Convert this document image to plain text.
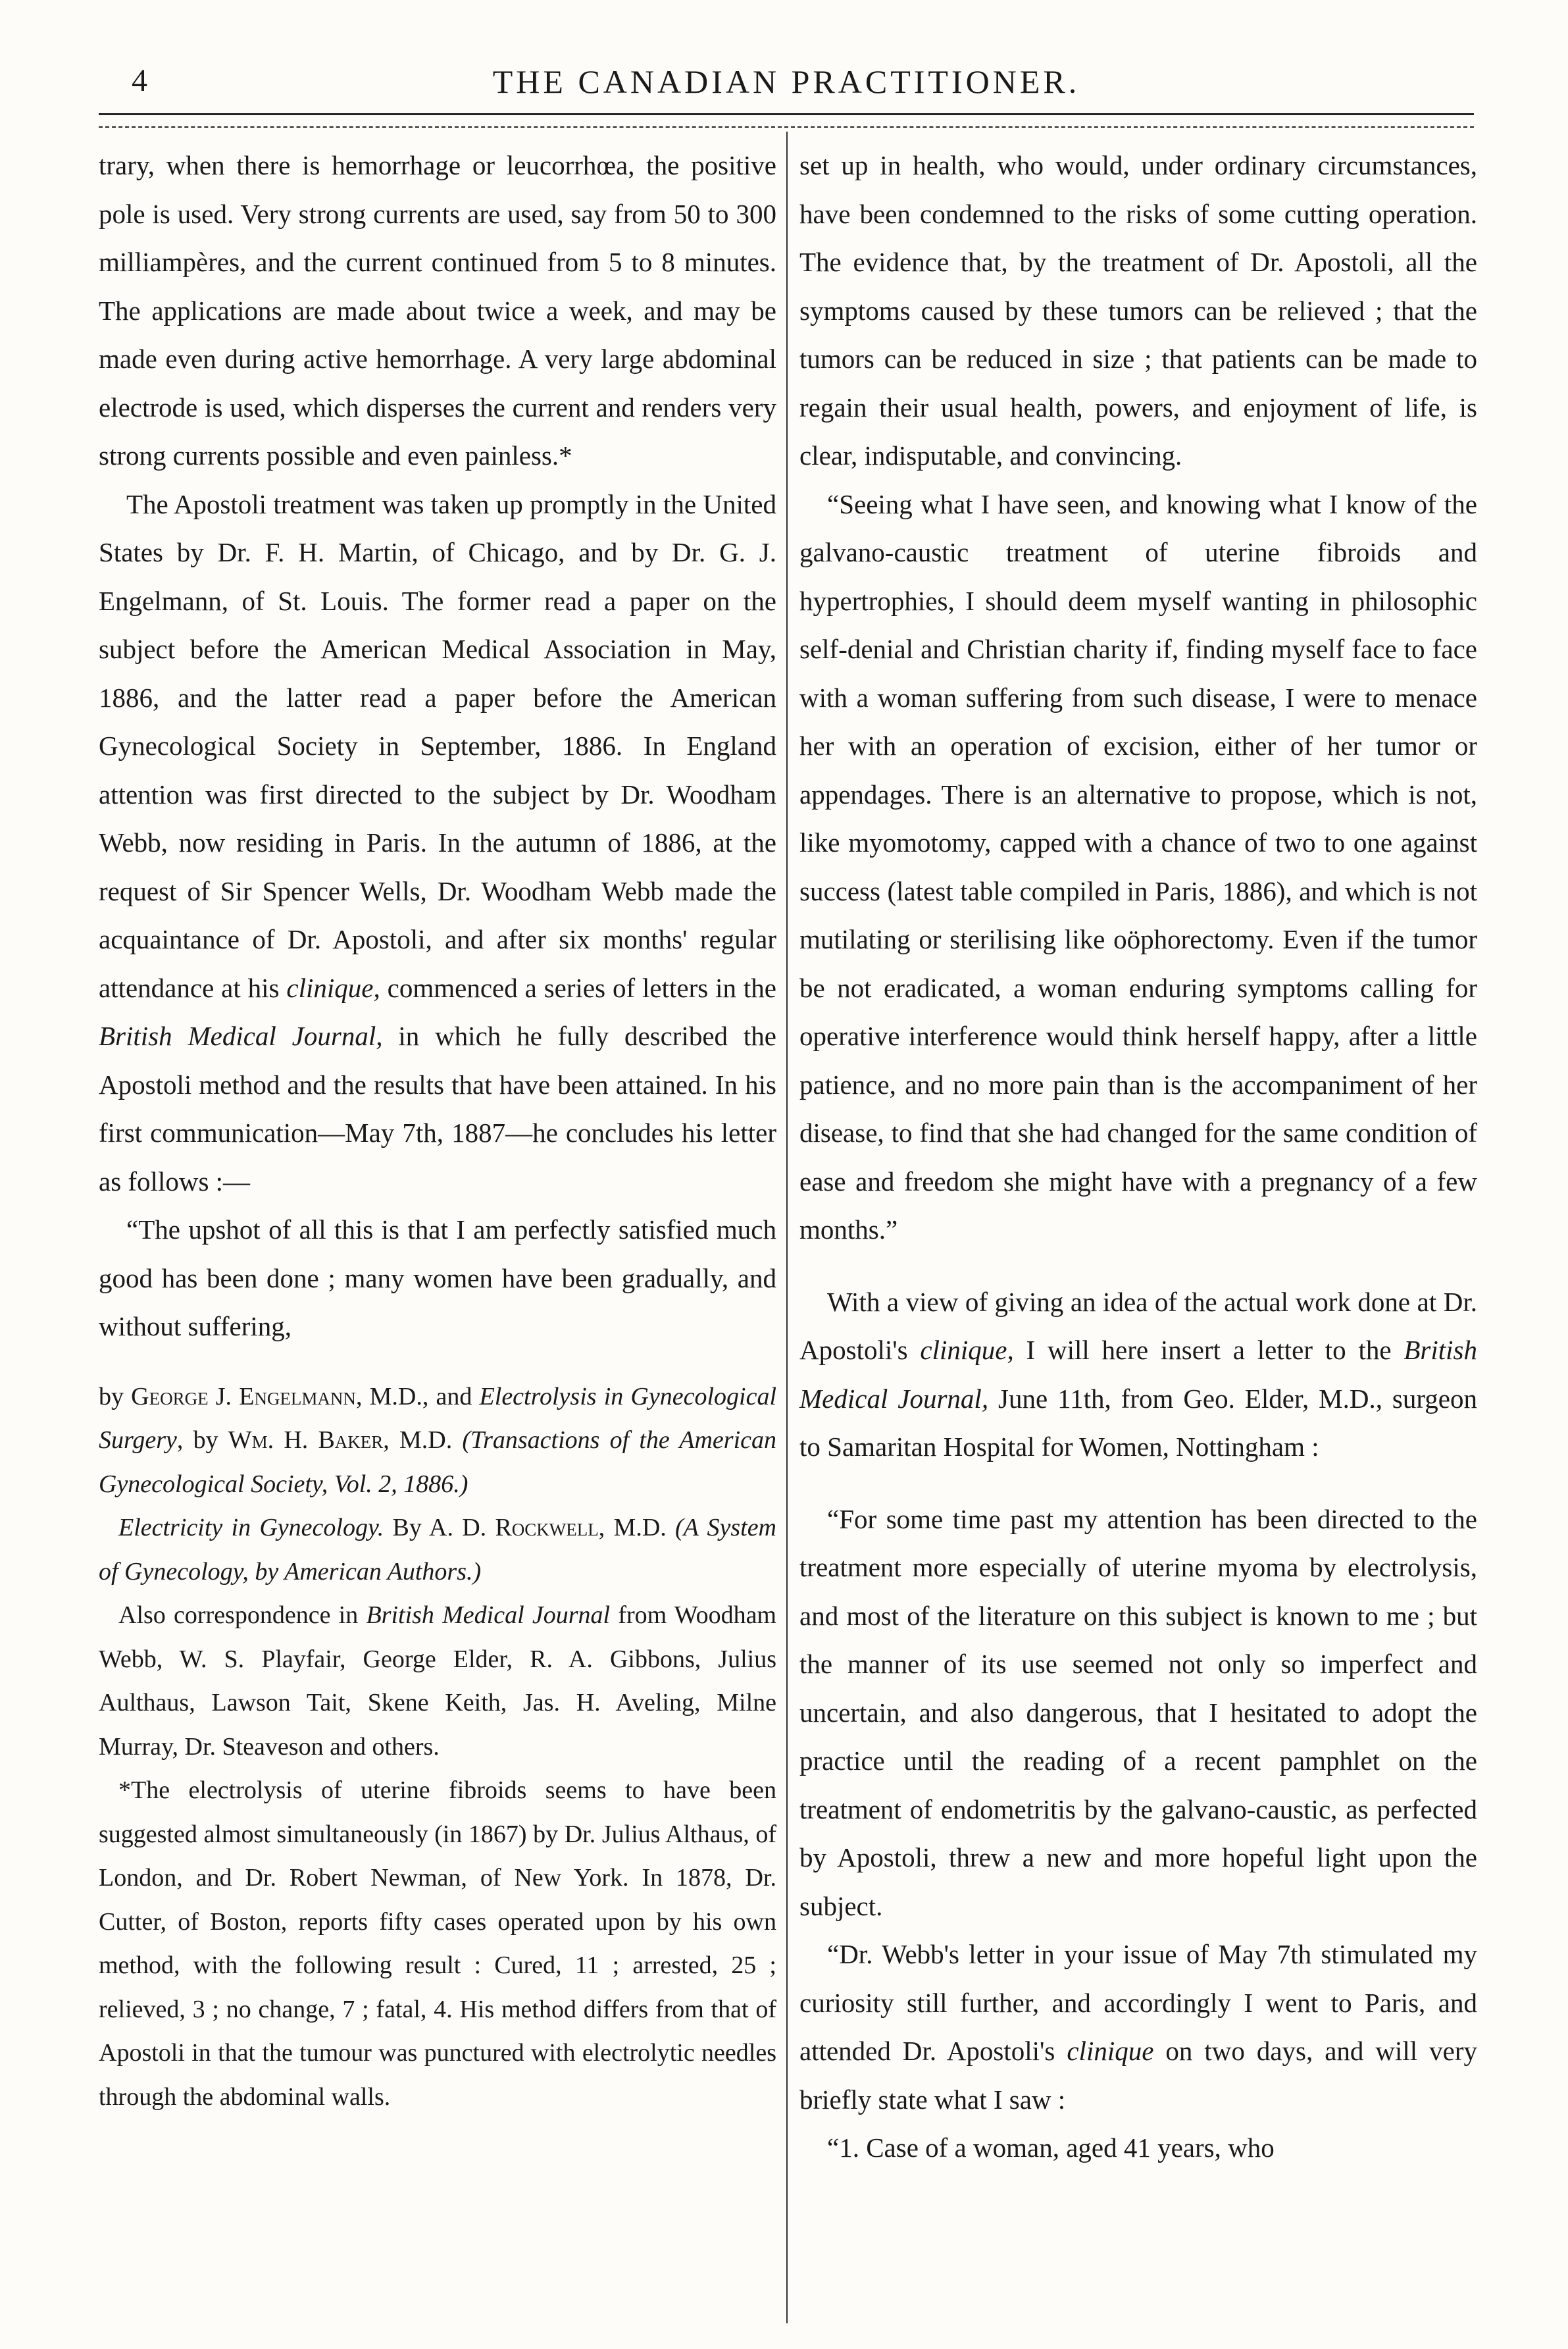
4	THE CANADIAN PRACTITIONER.

trary, when there is hemorrhage or leucorrhœa, the positive pole is used. Very strong currents are used, say from 50 to 300 milliampères, and the current continued from 5 to 8 minutes. The applications are made about twice a week, and may be made even during active hemorrhage. A very large abdominal electrode is used, which disperses the current and renders very strong currents possible and even painless.*

The Apostoli treatment was taken up promptly in the United States by Dr. F. H. Martin, of Chicago, and by Dr. G. J. Engelmann, of St. Louis. The former read a paper on the subject before the American Medical Association in May, 1886, and the latter read a paper before the American Gynecological Society in September, 1886. In England attention was first directed to the subject by Dr. Woodham Webb, now residing in Paris. In the autumn of 1886, at the request of Sir Spencer Wells, Dr. Woodham Webb made the acquaintance of Dr. Apostoli, and after six months' regular attendance at his clinique, commenced a series of letters in the British Medical Journal, in which he fully described the Apostoli method and the results that have been attained. In his first communication—May 7th, 1887—he concludes his letter as follows :—

“The upshot of all this is that I am perfectly satisfied much good has been done ; many women have been gradually, and without suffering,

by George J. Engelmann, M.D., and Electrolysis in Gynecological Surgery, by Wm. H. Baker, M.D. (Transactions of the American Gynecological Society, Vol. 2, 1886.)

Electricity in Gynecology. By A. D. Rockwell, M.D. (A System of Gynecology, by American Authors.)

Also correspondence in British Medical Journal from Woodham Webb, W. S. Playfair, George Elder, R. A. Gibbons, Julius Aulthaus, Lawson Tait, Skene Keith, Jas. H. Aveling, Milne Murray, Dr. Steaveson and others.

*The electrolysis of uterine fibroids seems to have been suggested almost simultaneously (in 1867) by Dr. Julius Althaus, of London, and Dr. Robert Newman, of New York. In 1878, Dr. Cutter, of Boston, reports fifty cases operated upon by his own method, with the following result : Cured, 11 ; arrested, 25 ; relieved, 3 ; no change, 7 ; fatal, 4. His method differs from that of Apostoli in that the tumour was punctured with electrolytic needles through the abdominal walls.

set up in health, who would, under ordinary circumstances, have been condemned to the risks of some cutting operation. The evidence that, by the treatment of Dr. Apostoli, all the symptoms caused by these tumors can be relieved ; that the tumors can be reduced in size ; that patients can be made to regain their usual health, powers, and enjoyment of life, is clear, indisputable, and convincing.

“Seeing what I have seen, and knowing what I know of the galvano-caustic treatment of uterine fibroids and hypertrophies, I should deem myself wanting in philosophic self-denial and Christian charity if, finding myself face to face with a woman suffering from such disease, I were to menace her with an operation of excision, either of her tumor or appendages. There is an alternative to propose, which is not, like myomotomy, capped with a chance of two to one against success (latest table compiled in Paris, 1886), and which is not mutilating or sterilising like oöphorectomy. Even if the tumor be not eradicated, a woman enduring symptoms calling for operative interference would think herself happy, after a little patience, and no more pain than is the accompaniment of her disease, to find that she had changed for the same condition of ease and freedom she might have with a pregnancy of a few months.”

With a view of giving an idea of the actual work done at Dr. Apostoli's clinique, I will here insert a letter to the British Medical Journal, June 11th, from Geo. Elder, M.D., surgeon to Samaritan Hospital for Women, Nottingham :

“For some time past my attention has been directed to the treatment more especially of uterine myoma by electrolysis, and most of the literature on this subject is known to me ; but the manner of its use seemed not only so imperfect and uncertain, and also dangerous, that I hesitated to adopt the practice until the reading of a recent pamphlet on the treatment of endometritis by the galvano-caustic, as perfected by Apostoli, threw a new and more hopeful light upon the subject.

“Dr. Webb's letter in your issue of May 7th stimulated my curiosity still further, and accordingly I went to Paris, and attended Dr. Apostoli's clinique on two days, and will very briefly state what I saw :

“1. Case of a woman, aged 41 years, who
